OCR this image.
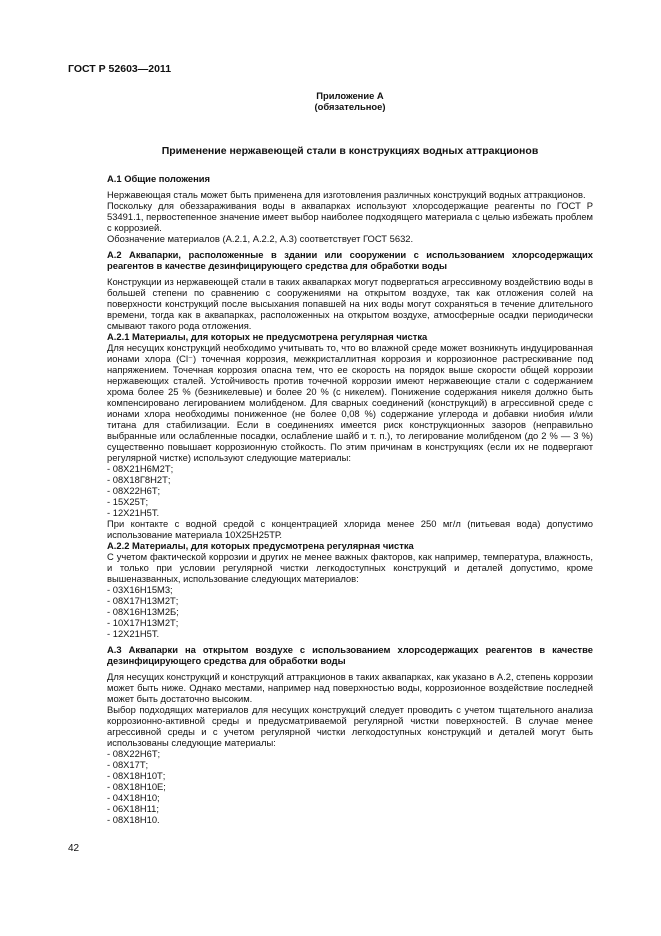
ГОСТ Р 52603—2011

Приложение А

(обязательное)

Применение нержавеющей стали в конструкциях водных аттракционов

А.1 Общие положения

Нержавеющая сталь может быть применена для изготовления различных конструкций водных аттракционов.

Поскольку для обеззараживания воды в аквапарках используют хлорсодержащие реагенты по ГОСТ Р 53491.1, первостепенное значение имеет выбор наиболее подходящего материала с целью избежать проблем с коррозией.

Обозначение материалов (А.2.1, А.2.2, А.3) соответствует ГОСТ 5632.

А.2 Аквапарки, расположенные в здании или сооружении с использованием хлорсодержащих реагентов в качестве дезинфицирующего средства для обработки воды

Конструкции из нержавеющей стали в таких аквапарках могут подвергаться агрессивному воздействию воды в большей степени по сравнению с сооружениями на открытом воздухе, так как отложения солей на поверхности конструкций после высыхания попавшей на них воды могут сохраняться в течение длительного времени, тогда как в аквапарках, расположенных на открытом воздухе, атмосферные осадки периодически смывают такого рода отложения.

А.2.1 Материалы, для которых не предусмотрена регулярная чистка

Для несущих конструкций необходимо учитывать то, что во влажной среде может возникнуть индуцированная ионами хлора (Cl⁻) точечная коррозия, межкристаллитная коррозия и коррозионное растрескивание под напряжением. Точечная коррозия опасна тем, что ее скорость на порядок выше скорости общей коррозии нержавеющих сталей. Устойчивость против точечной коррозии имеют нержавеющие стали с содержанием хрома более 25 % (безникелевые) и более 20 % (с никелем). Понижение содержания никеля должно быть компенсировано легированием молибденом. Для сварных соединений (конструкций) в агрессивной среде с ионами хлора необходимы пониженное (не более 0,08 %) содержание углерода и добавки ниобия и/или титана для стабилизации. Если в соединениях имеется риск конструкционных зазоров (неправильно выбранные или ослабленные посадки, ослабление шайб и т. п.), то легирование молибденом (до 2 % — 3 %) существенно повышает коррозионную стойкость. По этим причинам в конструкциях (если их не подвергают регулярной чистке) используют следующие материалы:

- 08Х21Н6М2Т;
- 08Х18Г8Н2Т;
- 08Х22Н6Т;
- 15Х25Т;
- 12Х21Н5Т.

При контакте с водной средой с концентрацией хлорида менее 250 мг/л (питьевая вода) допустимо использование материала 10Х25Н25ТР.

А.2.2 Материалы, для которых предусмотрена регулярная чистка

С учетом фактической коррозии и других не менее важных факторов, как например, температура, влажность, и только при условии регулярной чистки легкодоступных конструкций и деталей допустимо, кроме вышеназванных, использование следующих материалов:

- 03Х16Н15М3;
- 08Х17Н13М2Т;
- 08Х16Н13М2Б;
- 10Х17Н13М2Т;
- 12Х21Н5Т.

А.3 Аквапарки на открытом воздухе с использованием хлорсодержащих реагентов в качестве дезинфицирующего средства для обработки воды

Для несущих конструкций и конструкций аттракционов в таких аквапарках, как указано в А.2, степень коррозии может быть ниже. Однако местами, например над поверхностью воды, коррозионное воздействие последней может быть достаточно высоким.

Выбор подходящих материалов для несущих конструкций следует проводить с учетом тщательного анализа коррозионно-активной среды и предусматриваемой регулярной чистки поверхностей. В случае менее агрессивной среды и с учетом регулярной чистки легкодоступных конструкций и деталей могут быть использованы следующие материалы:

- 08Х22Н6Т;
- 08Х17Т;
- 08Х18Н10Т;
- 08Х18Н10Е;
- 04Х18Н10;
- 06Х18Н11;
- 08Х18Н10.
42
